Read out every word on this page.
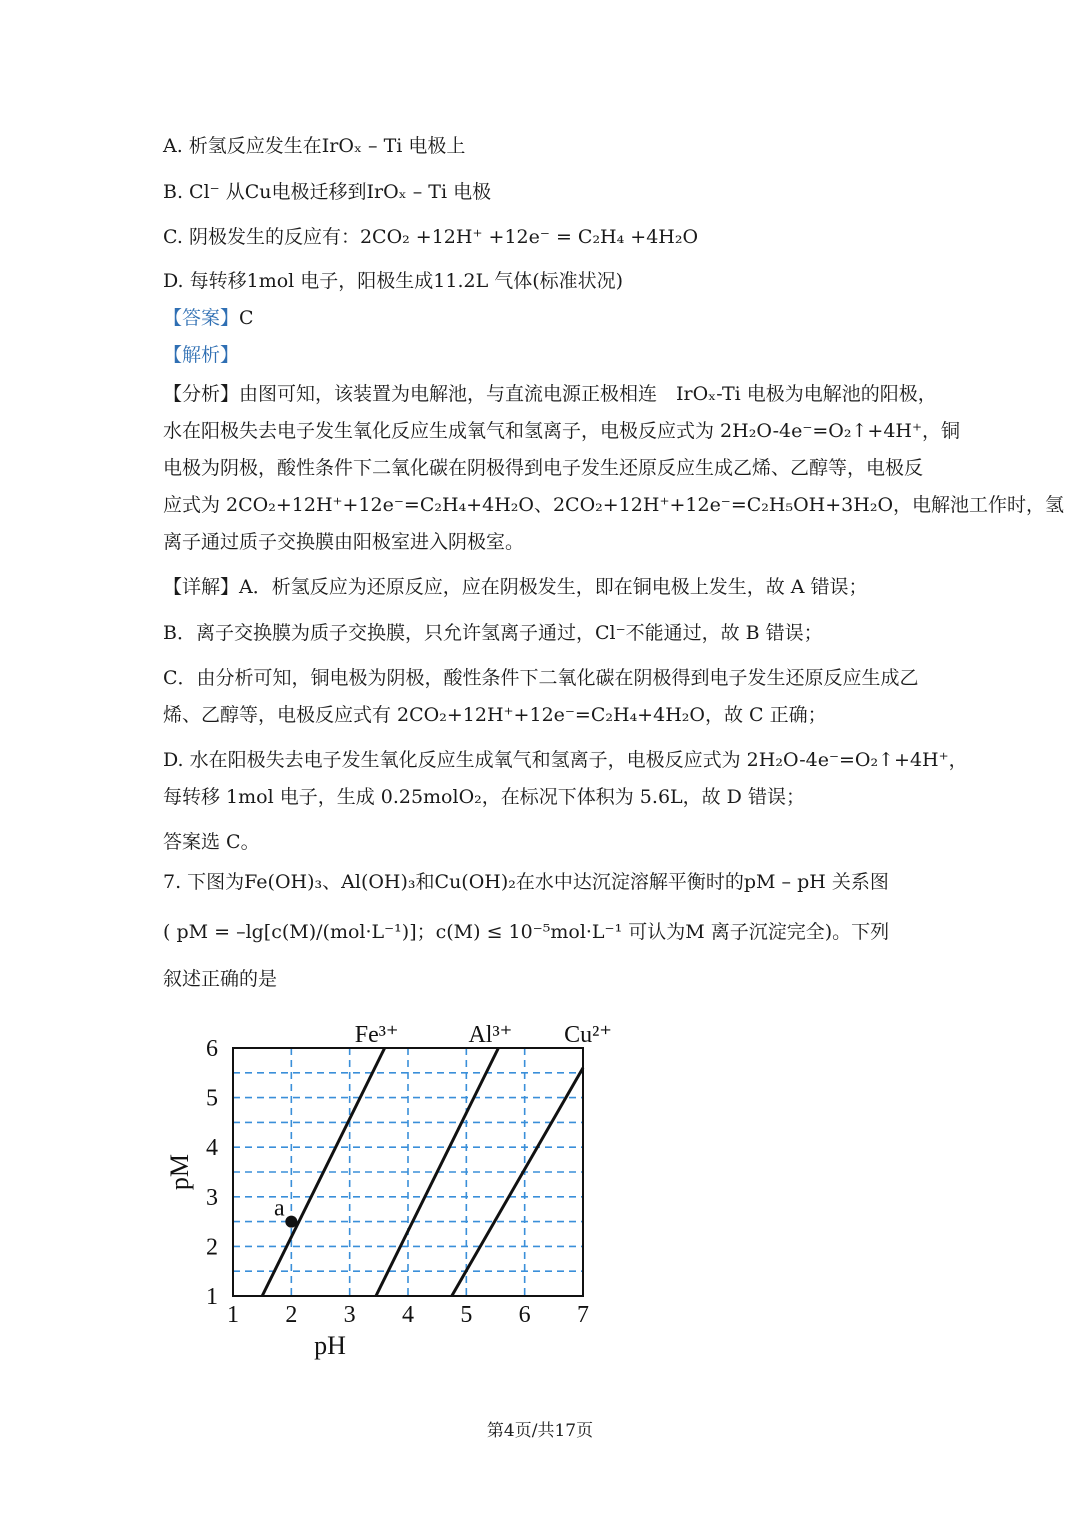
A. 析氢反应发生在IrOₓ – Ti 电极上
B. Cl⁻ 从Cu电极迁移到IrOₓ – Ti 电极
C. 阴极发生的反应有：2CO₂ +12H⁺ +12e⁻ = C₂H₄ +4H₂O
D. 每转移1mol 电子，阳极生成11.2L 气体(标准状况)
【答案】C
【解析】
【分析】由图可知，该装置为电解池，与直流电源正极相连　IrOₓ-Ti 电极为电解池的阳极，
水在阳极失去电子发生氧化反应生成氧气和氢离子，电极反应式为 2H₂O-4e⁻=O₂↑+4H⁺，铜
电极为阴极，酸性条件下二氧化碳在阴极得到电子发生还原反应生成乙烯、乙醇等，电极反
应式为 2CO₂+12H⁺+12e⁻=C₂H₄+4H₂O、2CO₂+12H⁺+12e⁻=C₂H₅OH+3H₂O，电解池工作时，氢
离子通过质子交换膜由阳极室进入阴极室。
【详解】A．析氢反应为还原反应，应在阴极发生，即在铜电极上发生，故 A 错误；
B．离子交换膜为质子交换膜，只允许氢离子通过，Cl⁻不能通过，故 B 错误；
C．由分析可知，铜电极为阴极，酸性条件下二氧化碳在阴极得到电子发生还原反应生成乙
烯、乙醇等，电极反应式有 2CO₂+12H⁺+12e⁻=C₂H₄+4H₂O，故 C 正确；
D. 水在阳极失去电子发生氧化反应生成氧气和氢离子，电极反应式为 2H₂O-4e⁻=O₂↑+4H⁺，
每转移 1mol 电子，生成 0.25molO₂，在标况下体积为 5.6L，故 D 错误；
答案选 C。
7. 下图为Fe(OH)₃、Al(OH)₃和Cu(OH)₂在水中达沉淀溶解平衡时的pM – pH 关系图
( pM = –lg[c(M)/(mol·L⁻¹)]；c(M) ≤ 10⁻⁵mol·L⁻¹ 可认为M 离子沉淀完全)。下列
叙述正确的是
1 2 3 4 5 6 7
1
2
3
4
5
6
pH
pM
Fe³⁺	Al³⁺ Cu²⁺
a
第4页/共17页
